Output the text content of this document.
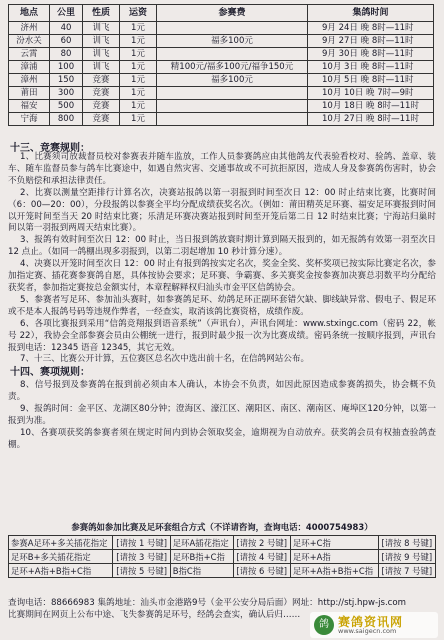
地点	公里	性质	运资	参赛费	集鸽时间
济州	40	训飞	1元		9月 24日 晚 8时—11时
汾水关	60	训飞	1元	福多100元	9月 27日 晚 8时—11时
云霄	80	训飞	1元		9月 30日 晚 8时—11时
漳浦	100	训飞	1元	精100元/福多100元/福争150元	10月 3日 晚 8时—11时
漳州	150	竞赛	1元	福多100元	10月 5日 晚 8时—11时
莆田	300	竞赛	1元		10月 10日 晚 7时—9时
福安	500	竞赛	1元		10月 18日 晚 8时—11时
宁海	800	竞赛	1元		10月 27日 晚 8时—11时
十三、竞赛规则：

1、比赛须司放裁督员校对参赛表并随车监放，工作人员参赛鸽应由其他鸽友代表验看校对、验鸽、盖章、装车、随车监督员参与鸽车比赛途中，如遇自然灾害、交通事故或不可抗拒原因，造成人身及参赛鸽伤害时，协会不负赔偿和承担法律责任。

2、比赛以测量空距排行计算名次，决赛站报鸽以第一羽报到时间至次日 12：00 时止结束比赛，比赛时间（6：00—20：00），分段报鸽以参赛全平均分配成绩获奖名次。（例如：莆田精英足环赛、福安足环赛报到时间以开笼时间至当天 20 时结束比赛；乐清足环赛决赛站报到时间至开笼后第二日 12 时结束比赛；宁海站归巢时间以第一羽报到两周天结束比赛）。

3、报鸽有效时间至次日 12：00 时止，当日报到鸽放寰时期计算到隔天报到的，如无报鸽有效第一羽至次日 12 点止。（如同一鸽棚出现多羽报到，以第二羽起增加 10 秒计算分速）。

4、决赛以开笼时间至次日 12：00 时止有报到鸽按实定名次，奖金全奖、奖杯奖项已按实际比赛定名次，参加指定赛、插花赛参赛鸽自愿，具体按协会要求；足环赛、争霸赛、多关赛奖金按参赛加决赛总羽数平均分配给获奖者，参加指定赛按总金额实付，本章程解释权归汕头市金平区信鸽协会。

5、参赛者写足环、参加汕头赛时，如参赛鸽足环、幼鸽足环正副环套错欠缺、脚线缺异常、假电子、假足环或不是本人报鸽号码等违规作弊者，一经查实，取消该鸽比赛资格，成绩作废。

6、各项比赛报到采用“信鸽竞翔报到语音系统”（声讯台），声讯台网址：www.stxingc.com（密码 22，帐号 22），我协会全部参赛会员由公棚统一进行，报到时最少报一次为比赛成绩。密码条统一按顺序报到，声讯台报到电话：12345 语音 12345，其它无效。

7、十三、比赛公开计算，五位赛区总名次中选出前十名，在信鸽网站公布。

十四、赛项规则：

8、信号报到及参赛鸽在报到前必须由本人确认，本协会不负责，如因此原因造成参赛鸽损失，协会概不负责。

9、报鸽时间：金平区、龙湖区80分钟；澄海区、濠江区、潮阳区、南区、潮南区、庵埠区120分钟，以第一报到为准。

10、各赛项获奖鸽参赛者须在规定时间内到协会领取奖金，逾期视为自动放弃。获奖鸽会员有权抽查验鸽查棚。

参赛鸽如参加比赛及足环套组合方式（不详请咨询，查询电话：4000754983）
参赛A足环+多关插花指定	[请按 1 号键]	足环A插花指定	[请按 2 号键]	足环+C指	[请按 8 号键]
足环B+多关插花指定	[请按 3 号键]	足环B指+C指	[请按 4 号键]	足环+A指	[请按 9 号键]
足环+A指+B指+C指	[请按 5 号键]	B指C指	[请按 6 号键]	足环+A指+B指+C指	[请按 7 号键]

查询电话：88666983 集鸽地址：汕头市金港路9号（金平公安分局后面）网址：http://stj.hpw-js.com

比赛期间在网页上公布中途、飞失参赛鸽足环号，经鸽会查实，确认后归……

鸽 赛鸽资讯网
www.saigecn.com
